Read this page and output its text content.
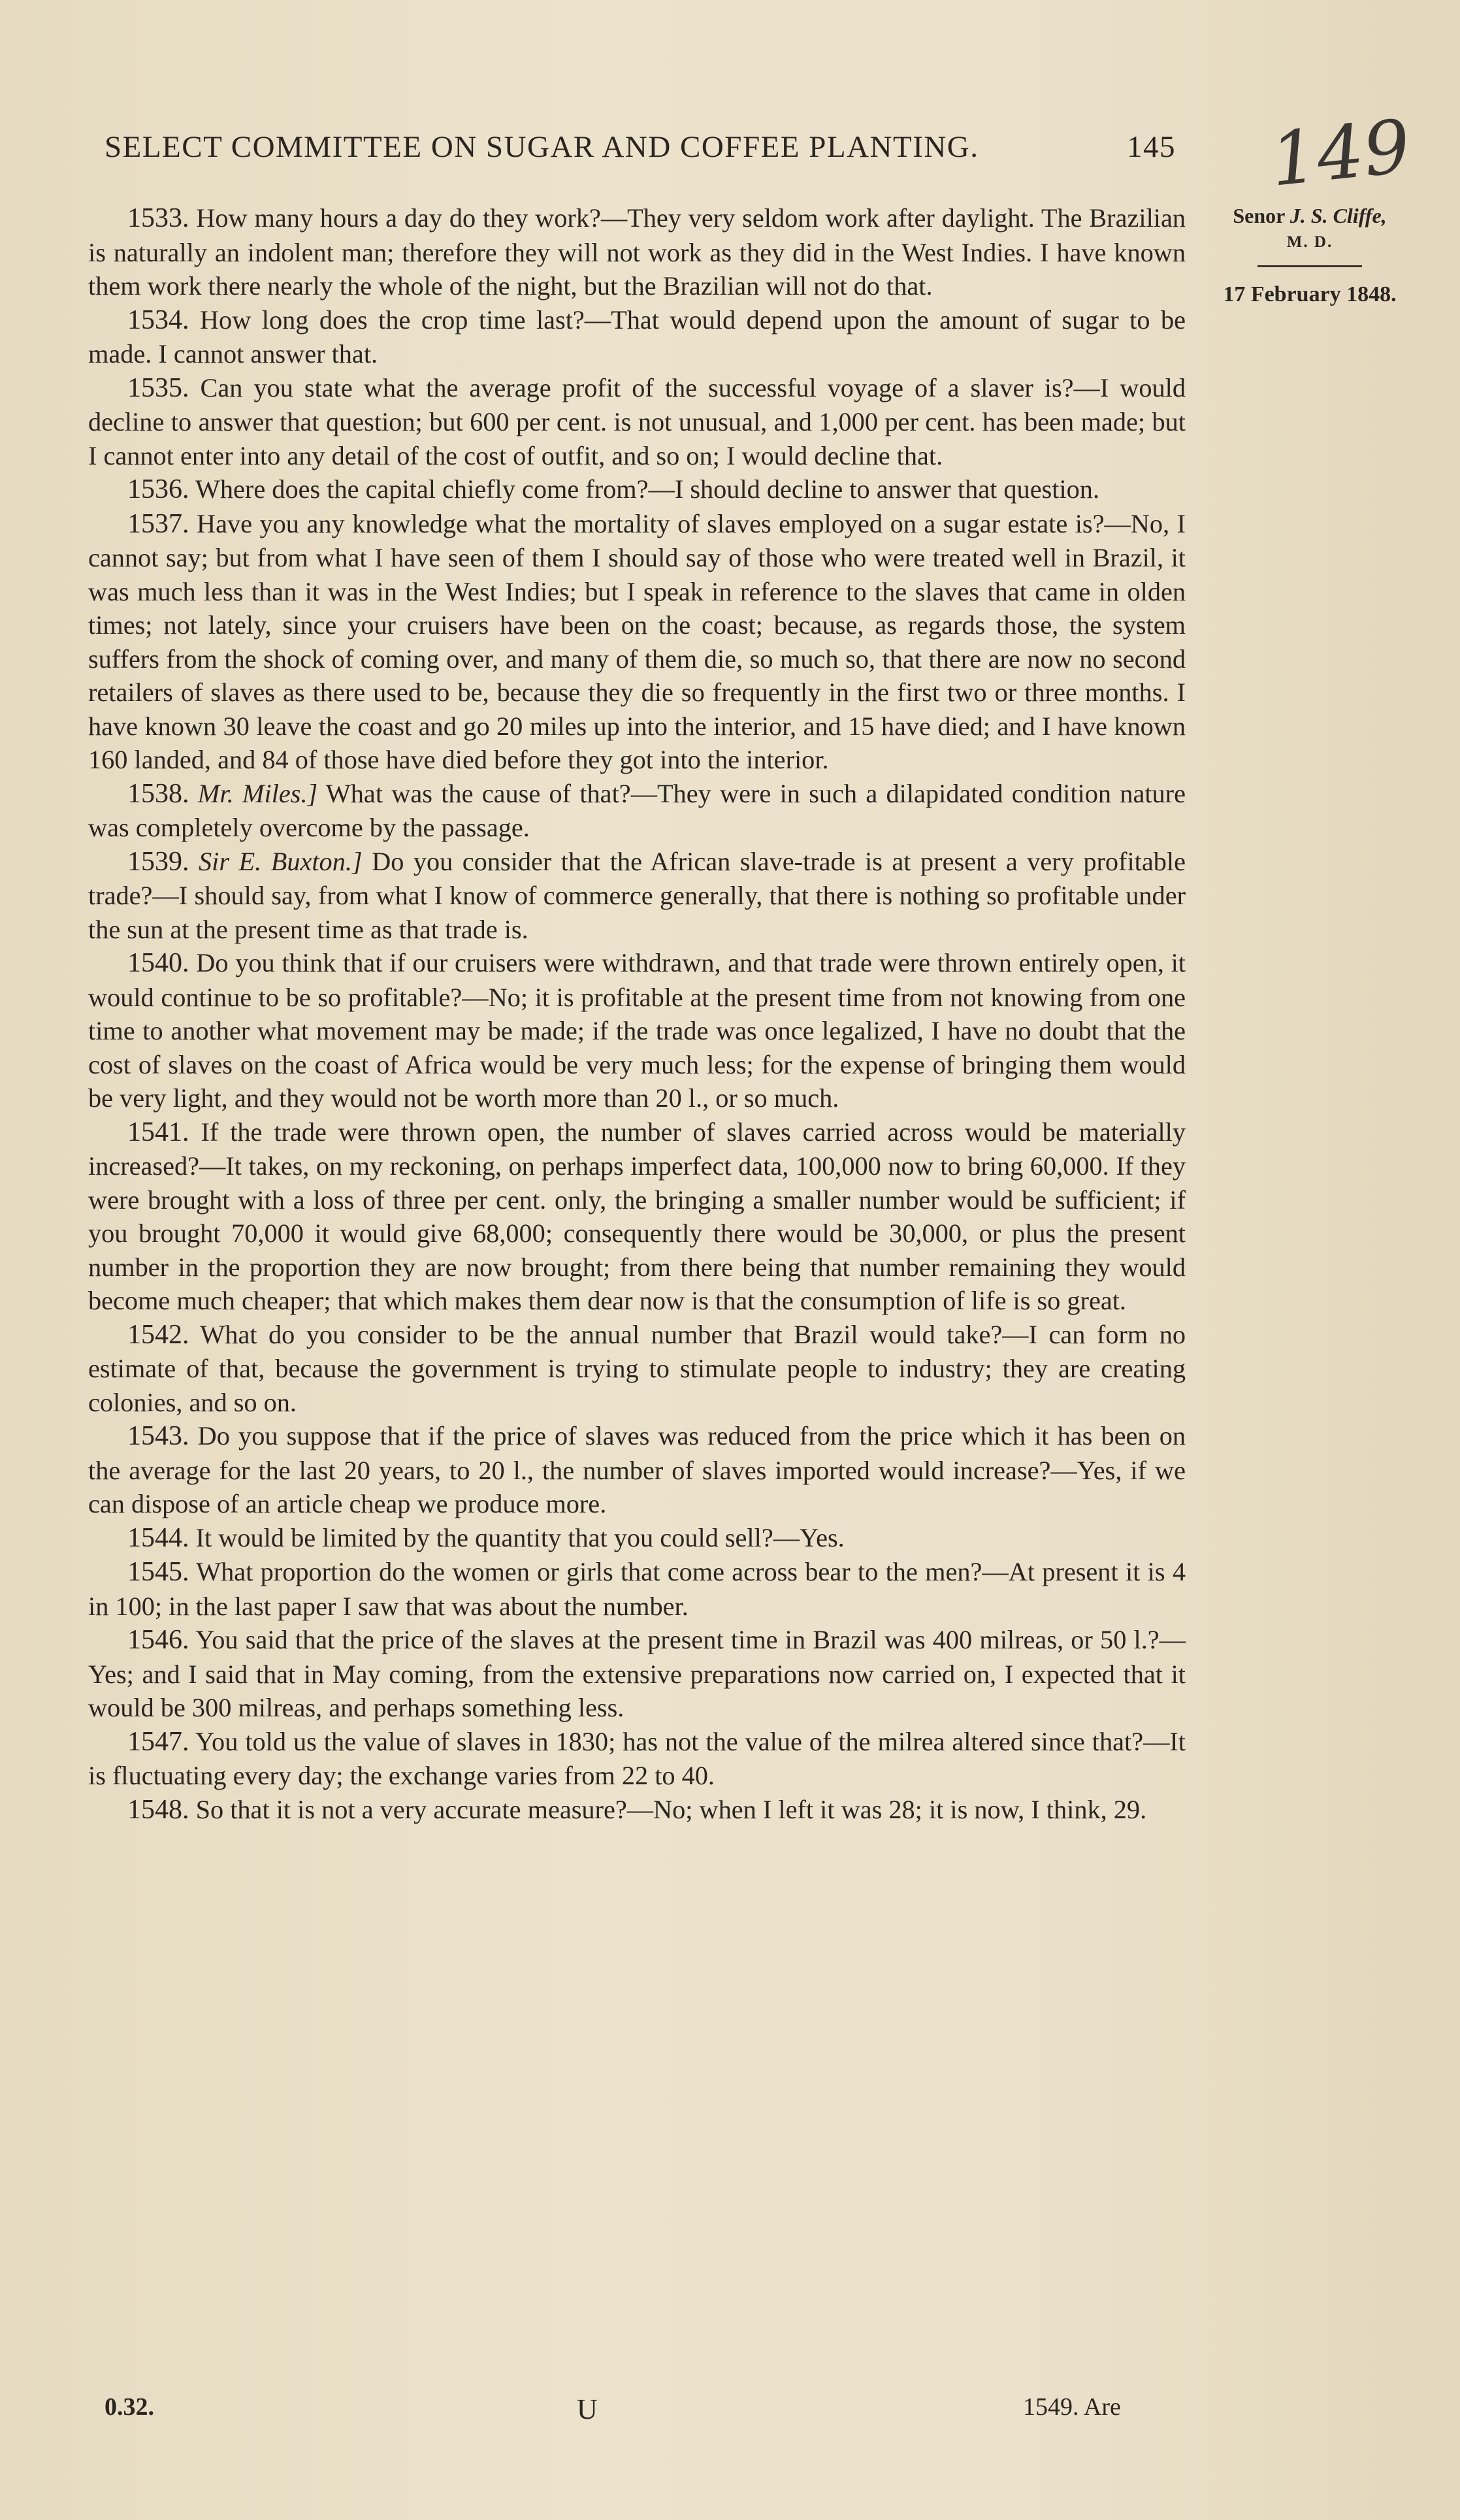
SELECT COMMITTEE ON SUGAR AND COFFEE PLANTING.	145 149
Senor J. S. Cliffe,
M. D.
17 February 1848.

1533. How many hours a day do they work?—They very seldom work after daylight. The Brazilian is naturally an indolent man; therefore they will not work as they did in the West Indies. I have known them work there nearly the whole of the night, but the Brazilian will not do that.

1534. How long does the crop time last?—That would depend upon the amount of sugar to be made. I cannot answer that.

1535. Can you state what the average profit of the successful voyage of a slaver is?—I would decline to answer that question; but 600 per cent. is not unusual, and 1,000 per cent. has been made; but I cannot enter into any detail of the cost of outfit, and so on; I would decline that.

1536. Where does the capital chiefly come from?—I should decline to answer that question.

1537. Have you any knowledge what the mortality of slaves employed on a sugar estate is?—No, I cannot say; but from what I have seen of them I should say of those who were treated well in Brazil, it was much less than it was in the West Indies; but I speak in reference to the slaves that came in olden times; not lately, since your cruisers have been on the coast; because, as regards those, the system suffers from the shock of coming over, and many of them die, so much so, that there are now no second retailers of slaves as there used to be, because they die so frequently in the first two or three months. I have known 30 leave the coast and go 20 miles up into the interior, and 15 have died; and I have known 160 landed, and 84 of those have died before they got into the interior.

1538. Mr. Miles.] What was the cause of that?—They were in such a dilapidated condition nature was completely overcome by the passage.

1539. Sir E. Buxton.] Do you consider that the African slave-trade is at present a very profitable trade?—I should say, from what I know of commerce generally, that there is nothing so profitable under the sun at the present time as that trade is.

1540. Do you think that if our cruisers were withdrawn, and that trade were thrown entirely open, it would continue to be so profitable?—No; it is profitable at the present time from not knowing from one time to another what movement may be made; if the trade was once legalized, I have no doubt that the cost of slaves on the coast of Africa would be very much less; for the expense of bringing them would be very light, and they would not be worth more than 20 l., or so much.

1541. If the trade were thrown open, the number of slaves carried across would be materially increased?—It takes, on my reckoning, on perhaps imperfect data, 100,000 now to bring 60,000. If they were brought with a loss of three per cent. only, the bringing a smaller number would be sufficient; if you brought 70,000 it would give 68,000; consequently there would be 30,000, or plus the present number in the proportion they are now brought; from there being that number remaining they would become much cheaper; that which makes them dear now is that the consumption of life is so great.

1542. What do you consider to be the annual number that Brazil would take?—I can form no estimate of that, because the government is trying to stimulate people to industry; they are creating colonies, and so on.

1543. Do you suppose that if the price of slaves was reduced from the price which it has been on the average for the last 20 years, to 20 l., the number of slaves imported would increase?—Yes, if we can dispose of an article cheap we produce more.

1544. It would be limited by the quantity that you could sell?—Yes.

1545. What proportion do the women or girls that come across bear to the men?—At present it is 4 in 100; in the last paper I saw that was about the number.

1546. You said that the price of the slaves at the present time in Brazil was 400 milreas, or 50 l.?—Yes; and I said that in May coming, from the extensive preparations now carried on, I expected that it would be 300 milreas, and perhaps something less.

1547. You told us the value of slaves in 1830; has not the value of the milrea altered since that?—It is fluctuating every day; the exchange varies from 22 to 40.

1548. So that it is not a very accurate measure?—No; when I left it was 28; it is now, I think, 29.

0.32.	U	1549. Are
